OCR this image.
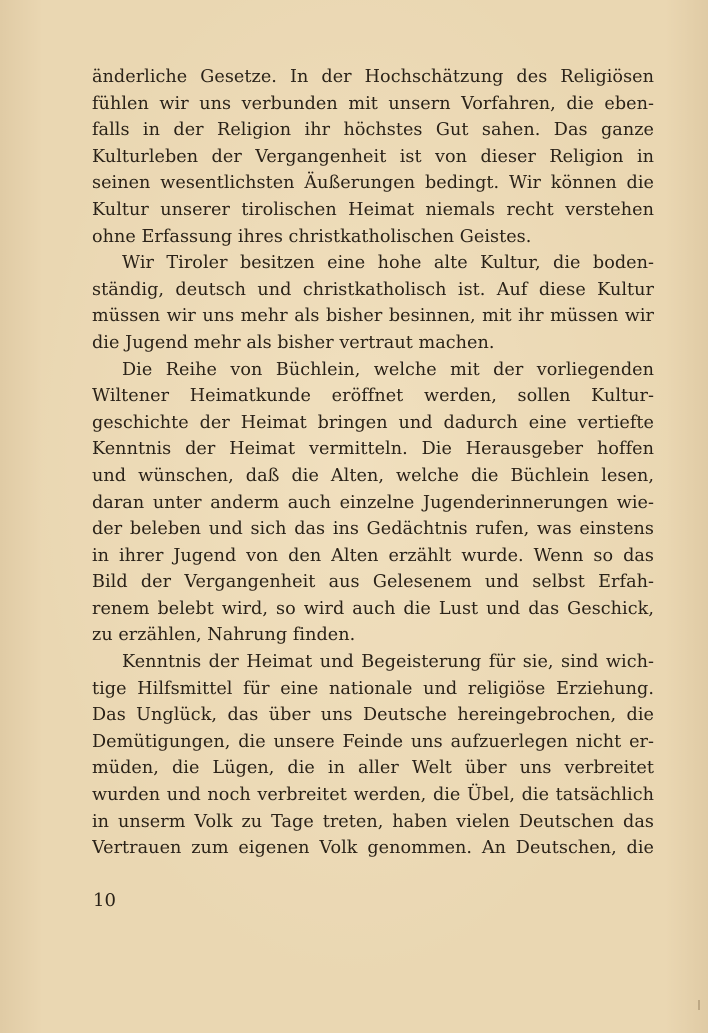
änderliche Gesetze. In der Hochschätzung des Religiösen
fühlen wir uns verbunden mit unsern Vorfahren, die eben-
falls in der Religion ihr höchstes Gut sahen. Das ganze
Kulturleben der Vergangenheit ist von dieser Religion in
seinen wesentlichsten Äußerungen bedingt. Wir können die
Kultur unserer tirolischen Heimat niemals recht verstehen
ohne Erfassung ihres christkatholischen Geistes.
Wir Tiroler besitzen eine hohe alte Kultur, die boden-
ständig, deutsch und christkatholisch ist. Auf diese Kultur
müssen wir uns mehr als bisher besinnen, mit ihr müssen wir
die Jugend mehr als bisher vertraut machen.
Die Reihe von Büchlein, welche mit der vorliegenden
Wiltener Heimatkunde eröffnet werden, sollen Kultur-
geschichte der Heimat bringen und dadurch eine vertiefte
Kenntnis der Heimat vermitteln. Die Herausgeber hoffen
und wünschen, daß die Alten, welche die Büchlein lesen,
daran unter anderm auch einzelne Jugenderinnerungen wie-
der beleben und sich das ins Gedächtnis rufen, was einstens
in ihrer Jugend von den Alten erzählt wurde. Wenn so das
Bild der Vergangenheit aus Gelesenem und selbst Erfah-
renem belebt wird, so wird auch die Lust und das Geschick,
zu erzählen, Nahrung finden.
Kenntnis der Heimat und Begeisterung für sie, sind wich-
tige Hilfsmittel für eine nationale und religiöse Erziehung.
Das Unglück, das über uns Deutsche hereingebrochen, die
Demütigungen, die unsere Feinde uns aufzuerlegen nicht er-
müden, die Lügen, die in aller Welt über uns verbreitet
wurden und noch verbreitet werden, die Übel, die tatsächlich
in unserm Volk zu Tage treten, haben vielen Deutschen das
Vertrauen zum eigenen Volk genommen. An Deutschen, die
10
